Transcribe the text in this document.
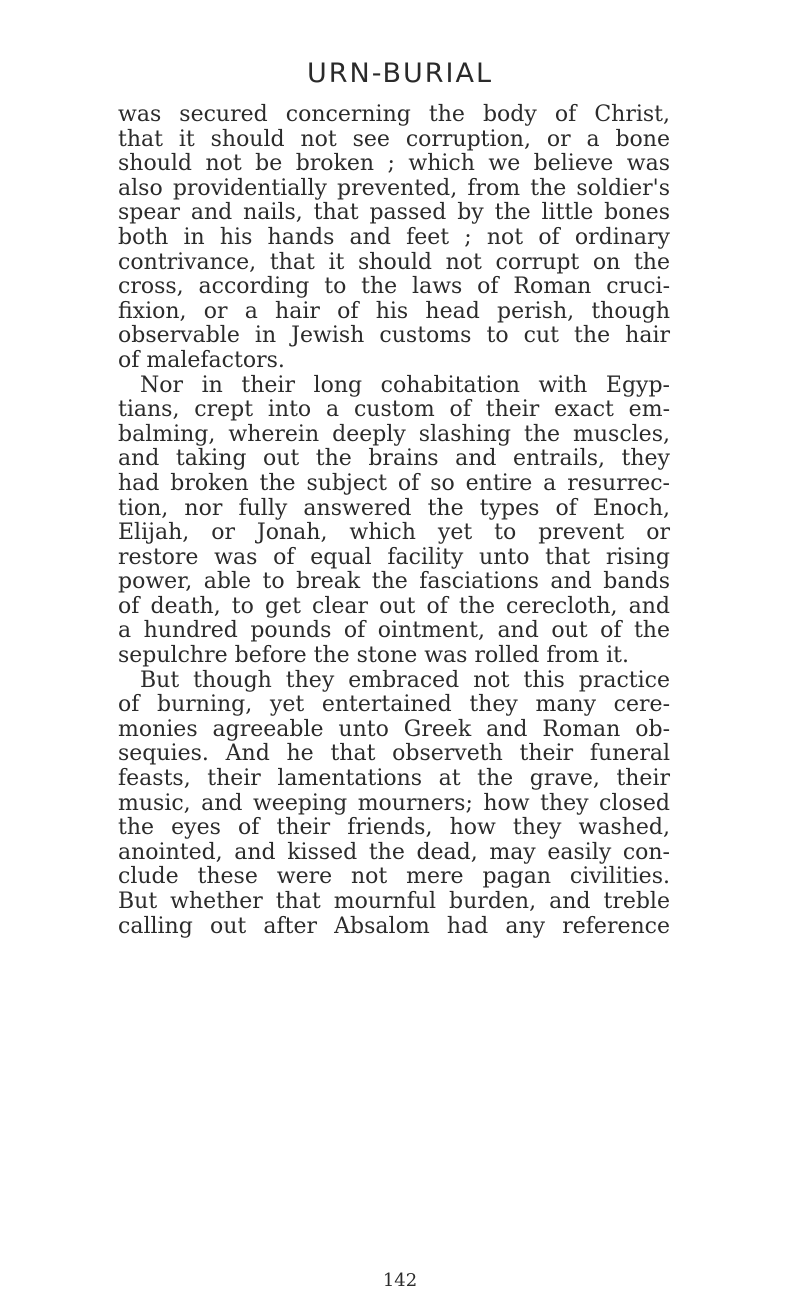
URN-BURIAL
was secured concerning the body of Christ,
that it should not see corruption, or a bone
should not be broken ; which we believe was
also providentially prevented, from the soldier's
spear and nails, that passed by the little bones
both in his hands and feet ; not of ordinary
contrivance, that it should not corrupt on the
cross, according to the laws of Roman cruci-
fixion, or a hair of his head perish, though
observable in Jewish customs to cut the hair
of malefactors.
Nor in their long cohabitation with Egyp-
tians, crept into a custom of their exact em-
balming, wherein deeply slashing the muscles,
and taking out the brains and entrails, they
had broken the subject of so entire a resurrec-
tion, nor fully answered the types of Enoch,
Elijah, or Jonah, which yet to prevent or
restore was of equal facility unto that rising
power, able to break the fasciations and bands
of death, to get clear out of the cerecloth, and
a hundred pounds of ointment, and out of the
sepulchre before the stone was rolled from it.
But though they embraced not this practice
of burning, yet entertained they many cere-
monies agreeable unto Greek and Roman ob-
sequies. And he that observeth their funeral
feasts, their lamentations at the grave, their
music, and weeping mourners; how they closed
the eyes of their friends, how they washed,
anointed, and kissed the dead, may easily con-
clude these were not mere pagan civilities.
But whether that mournful burden, and treble
calling out after Absalom had any reference
142
